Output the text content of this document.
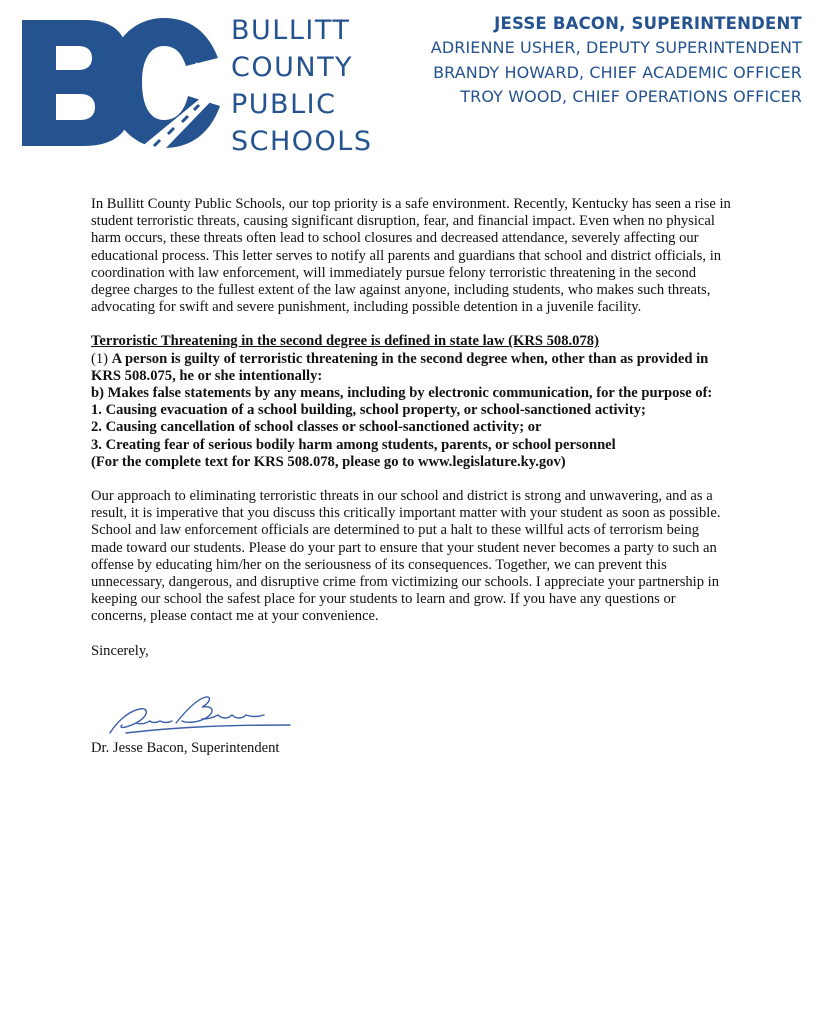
BULLITT
COUNTY
PUBLIC
SCHOOLS
JESSE BACON, SUPERINTENDENT
ADRIENNE USHER, DEPUTY SUPERINTENDENT
BRANDY HOWARD, CHIEF ACADEMIC OFFICER
TROY WOOD, CHIEF OPERATIONS OFFICER

In Bullitt County Public Schools, our top priority is a safe environment. Recently, Kentucky has seen a rise in student terroristic threats, causing significant disruption, fear, and financial impact. Even when no physical harm occurs, these threats often lead to school closures and decreased attendance, severely affecting our educational process. This letter serves to notify all parents and guardians that school and district officials, in coordination with law enforcement, will immediately pursue felony terroristic threatening in the second degree charges to the fullest extent of the law against anyone, including students, who makes such threats, advocating for swift and severe punishment, including possible detention in a juvenile facility.

Terroristic Threatening in the second degree is defined in state law (KRS 508.078)
(1) A person is guilty of terroristic threatening in the second degree when, other than as provided in KRS 508.075, he or she intentionally:
b) Makes false statements by any means, including by electronic communication, for the purpose of:
1. Causing evacuation of a school building, school property, or school-sanctioned activity;
2. Causing cancellation of school classes or school-sanctioned activity; or
3. Creating fear of serious bodily harm among students, parents, or school personnel
(For the complete text for KRS 508.078, please go to www.legislature.ky.gov)

Our approach to eliminating terroristic threats in our school and district is strong and unwavering, and as a result, it is imperative that you discuss this critically important matter with your student as soon as possible. School and law enforcement officials are determined to put a halt to these willful acts of terrorism being made toward our students. Please do your part to ensure that your student never becomes a party to such an offense by educating him/her on the seriousness of its consequences. Together, we can prevent this unnecessary, dangerous, and disruptive crime from victimizing our schools. I appreciate your partnership in keeping our school the safest place for your students to learn and grow. If you have any questions or concerns, please contact me at your convenience.

Sincerely,

Dr. Jesse Bacon, Superintendent
